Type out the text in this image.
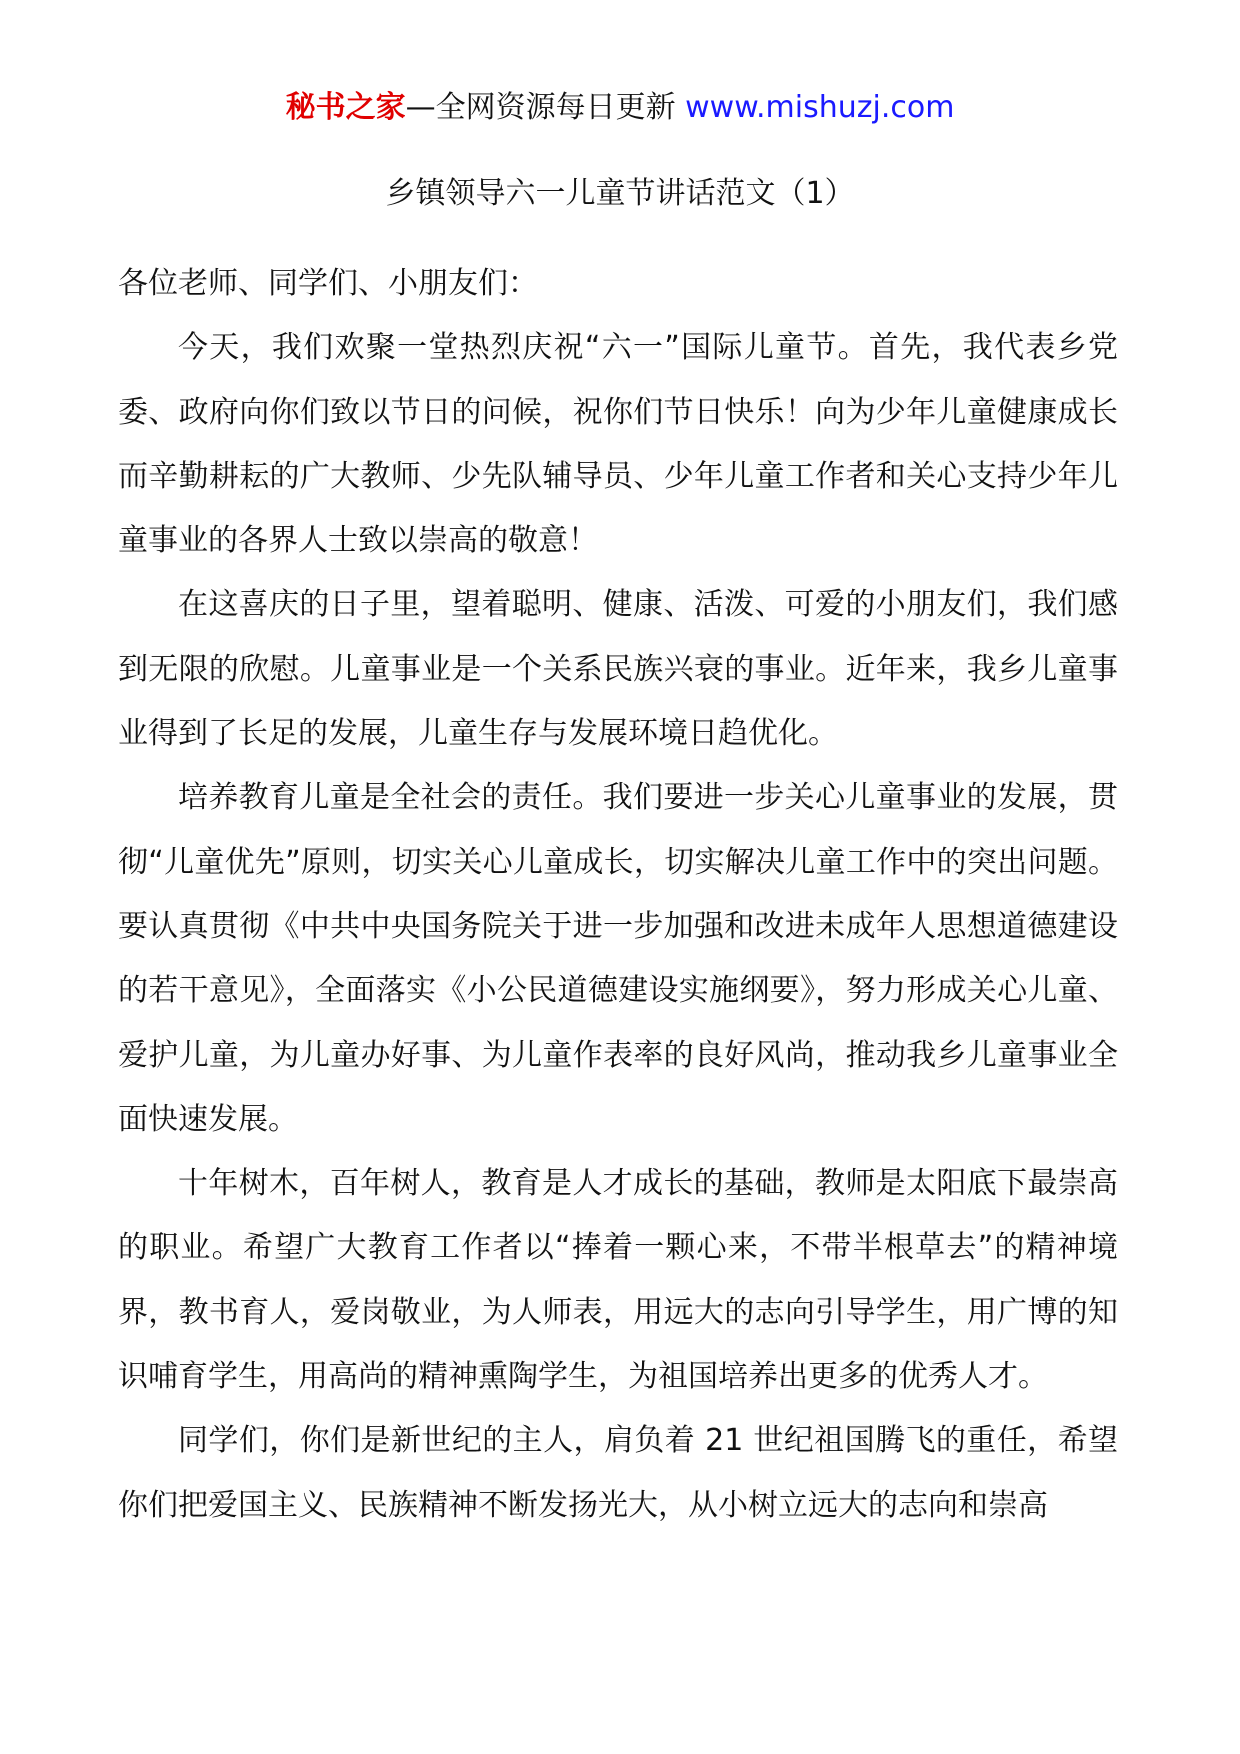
秘书之家—全网资源每日更新 www.mishuzj.com
乡镇领导六一儿童节讲话范文（1）

各位老师、同学们、小朋友们：

今天，我们欢聚一堂热烈庆祝“六一”国际儿童节。首先，我代表乡党委、政府向你们致以节日的问候，祝你们节日快乐！向为少年儿童健康成长而辛勤耕耘的广大教师、少先队辅导员、少年儿童工作者和关心支持少年儿童事业的各界人士致以崇高的敬意！

在这喜庆的日子里，望着聪明、健康、活泼、可爱的小朋友们，我们感到无限的欣慰。儿童事业是一个关系民族兴衰的事业。近年来，我乡儿童事业得到了长足的发展，儿童生存与发展环境日趋优化。

培养教育儿童是全社会的责任。我们要进一步关心儿童事业的发展，贯彻“儿童优先”原则，切实关心儿童成长，切实解决儿童工作中的突出问题。要认真贯彻《中共中央国务院关于进一步加强和改进未成年人思想道德建设的若干意见》，全面落实《小公民道德建设实施纲要》，努力形成关心儿童、爱护儿童，为儿童办好事、为儿童作表率的良好风尚，推动我乡儿童事业全面快速发展。

十年树木，百年树人，教育是人才成长的基础，教师是太阳底下最崇高的职业。希望广大教育工作者以“捧着一颗心来，不带半根草去”的精神境界，教书育人，爱岗敬业，为人师表，用远大的志向引导学生，用广博的知识哺育学生，用高尚的精神熏陶学生，为祖国培养出更多的优秀人才。

同学们，你们是新世纪的主人，肩负着 21 世纪祖国腾飞的重任，希望你们把爱国主义、民族精神不断发扬光大，从小树立远大的志向和崇高
